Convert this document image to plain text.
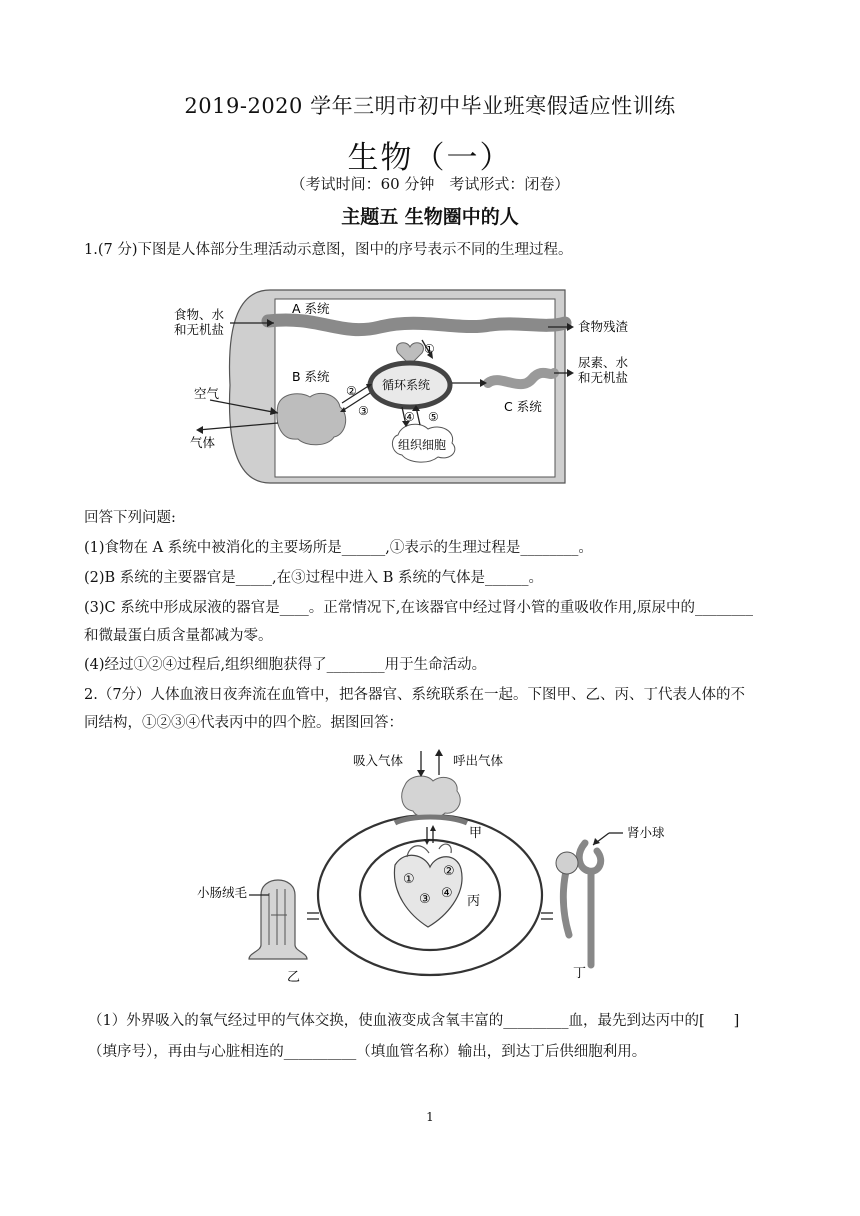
2019-2020 学年三明市初中毕业班寒假适应性训练
生物（一）
（考试时间：60 分钟　考试形式：闭卷）
主题五 生物圈中的人
1.(7 分)下图是人体部分生理活动示意图，图中的序号表示不同的生理过程。
食物、水
和无机盐
A 系统
食物残渣
B 系统
空气
气体
循环系统
组织细胞
C 系统
尿素、水
和无机盐
①
②
③	④ ⑤
回答下列问题:
(1)食物在 A 系统中被消化的主要场所是______,①表示的生理过程是________。
(2)B 系统的主要器官是_____,在③过程中进入 B 系统的气体是______。
(3)C 系统中形成尿液的器官是____。正常情况下,在该器官中经过肾小管的重吸收作用,原尿中的________
和微最蛋白质含量都减为零。
(4)经过①②④过程后,组织细胞获得了________用于生命活动。
2.（7分）人体血液日夜奔流在血管中，把各器官、系统联系在一起。下图甲、乙、丙、丁代表人体的不
同结构，①②③④代表丙中的四个腔。据图回答：
①
②
③ ④
吸入气体	呼出气体
甲
小肠绒毛
乙
丙
肾小球
丁
（1）外界吸入的氧气经过甲的气体交换，使血液变成含氧丰富的_________血，最先到达丙中的[　　]
（填序号），再由与心脏相连的__________（填血管名称）输出，到达丁后供细胞利用。
1
